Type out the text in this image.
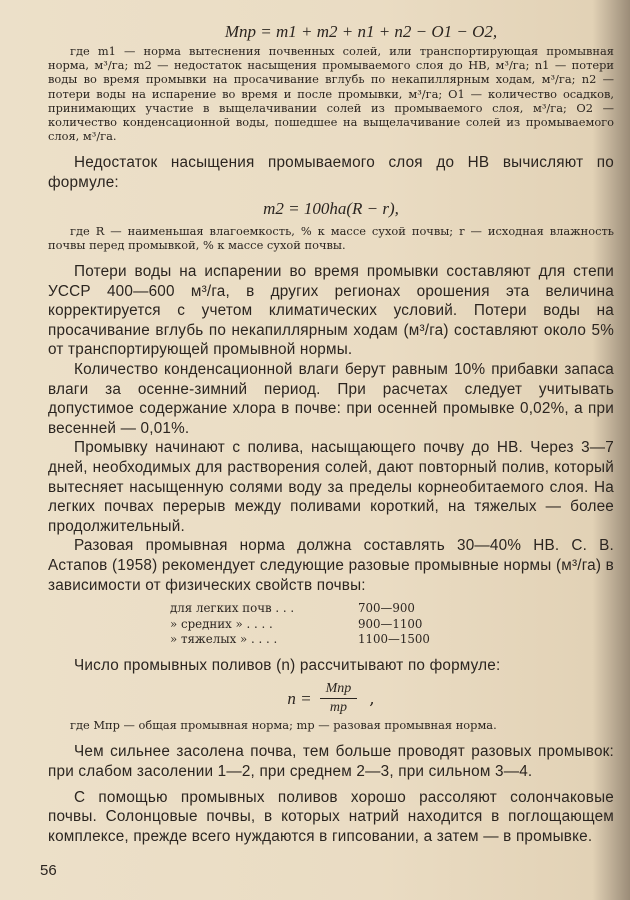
Mпр = m1 + m2 + n1 + n2 − O1 − O2,

где m1 — норма вытеснения почвенных солей, или транспортирующая промывная норма, м³/га; m2 — недостаток насыщения промываемого слоя до НВ, м³/га; n1 — потери воды во время промывки на просачивание вглубь по некапиллярным ходам, м³/га; n2 — потери воды на испарение во время и после промывки, м³/га; O1 — количество осадков, принимающих участие в выщелачивании солей из промываемого слоя, м³/га; O2 — количество конденсационной воды, пошедшее на выщелачивание солей из промываемого слоя, м³/га.

Недостаток насыщения промываемого слоя до НВ вычисляют по формуле:

m2 = 100ha(R − r),

где R — наименьшая влагоемкость, % к массе сухой почвы; r — исходная влажность почвы перед промывкой, % к массе сухой почвы.

Потери воды на испарении во время промывки составляют для степи УССР 400—600 м³/га, в других регионах орошения эта величина корректируется с учетом климатических условий. Потери воды на просачивание вглубь по некапиллярным ходам (м³/га) составляют около 5% от транспортирующей промывной нормы.

Количество конденсационной влаги берут равным 10% прибавки запаса влаги за осенне-зимний период. При расчетах следует учитывать допустимое содержание хлора в почве: при осенней промывке 0,02%, а при весенней — 0,01%.

Промывку начинают с полива, насыщающего почву до НВ. Через 3—7 дней, необходимых для растворения солей, дают повторный полив, который вытесняет насыщенную солями воду за пределы корнеобитаемого слоя. На легких почвах перерыв между поливами короткий, на тяжелых — более продолжительный.

Разовая промывная норма должна составлять 30—40% НВ. С. В. Астапов (1958) рекомендует следующие разовые промывные нормы (м³/га) в зависимости от физических свойств почвы:

для легких почв . . .	700—900
» средних » . . . .	900—1100
» тяжелых » . . . .	1100—1500

Число промывных поливов (n) рассчитывают по формуле:

$n = \frac{\text{Mпр}}{mр}$ ,

где Mпр — общая промывная норма; mр — разовая промывная норма.

Чем сильнее засолена почва, тем больше проводят разовых промывок: при слабом засолении 1—2, при среднем 2—3, при сильном 3—4.

С помощью промывных поливов хорошо рассоляют солончаковые почвы. Солонцовые почвы, в которых натрий находится в поглощающем комплексе, прежде всего нуждаются в гипсовании, а затем — в промывке.

56
